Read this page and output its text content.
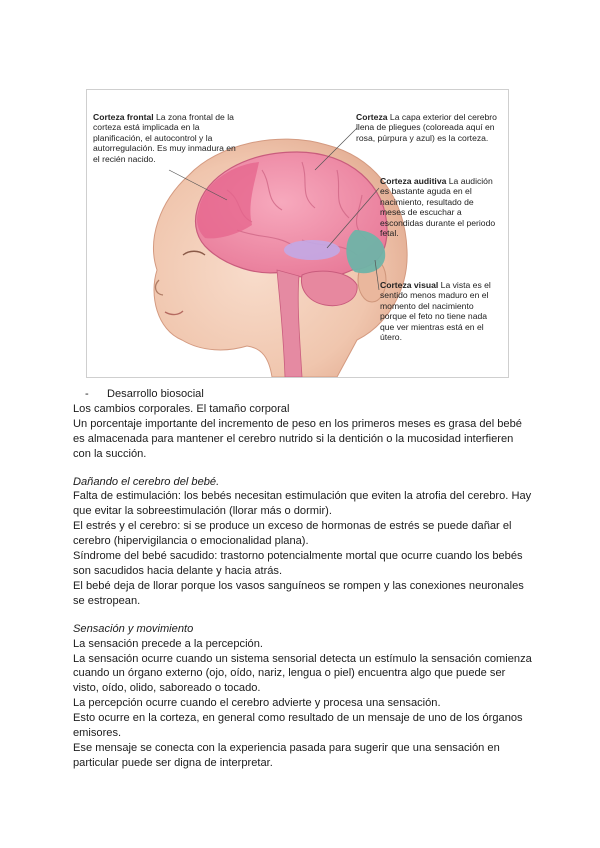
Corteza frontal La zona frontal de la corteza está implicada en la planificación, el autocontrol y la autorregulación. Es muy inmadura en el recién nacido.

Corteza La capa exterior del cerebro llena de pliegues (coloreada aquí en rosa, púrpura y azul) es la corteza.

Corteza auditiva La audición es bastante aguda en el nacimiento, resultado de meses de escuchar a escondidas durante el periodo fetal.

Corteza visual La vista es el sentido menos maduro en el momento del nacimiento porque el feto no tiene nada que ver mientras está en el útero.

- Desarrollo biosocial

Los cambios corporales. El tamaño corporal

Un porcentaje importante del incremento de peso en los primeros meses es grasa del bebé es almacenada para mantener el cerebro nutrido si la dentición o la mucosidad interfieren con la succión.

Dañando el cerebro del bebé.

Falta de estimulación: los bebés necesitan estimulación que eviten la atrofia del cerebro. Hay que evitar la sobreestimulación (llorar más o dormir).

El estrés y el cerebro: si se produce un exceso de hormonas de estrés se puede dañar el cerebro (hipervigilancia o emocionalidad plana).

Síndrome del bebé sacudido: trastorno potencialmente mortal que ocurre cuando los bebés son sacudidos hacia delante y hacia atrás.

El bebé deja de llorar porque los vasos sanguíneos se rompen y las conexiones neuronales se estropean.

Sensación y movimiento

La sensación precede a la percepción.

La sensación ocurre cuando un sistema sensorial detecta un estímulo la sensación comienza cuando un órgano externo (ojo, oído, nariz, lengua o piel) encuentra algo que puede ser visto, oído, olido, saboreado o tocado.

La percepción ocurre cuando el cerebro advierte y procesa una sensación.

Esto ocurre en la corteza, en general como resultado de un mensaje de uno de los órganos emisores.

Ese mensaje se conecta con la experiencia pasada para sugerir que una sensación en particular puede ser digna de interpretar.
